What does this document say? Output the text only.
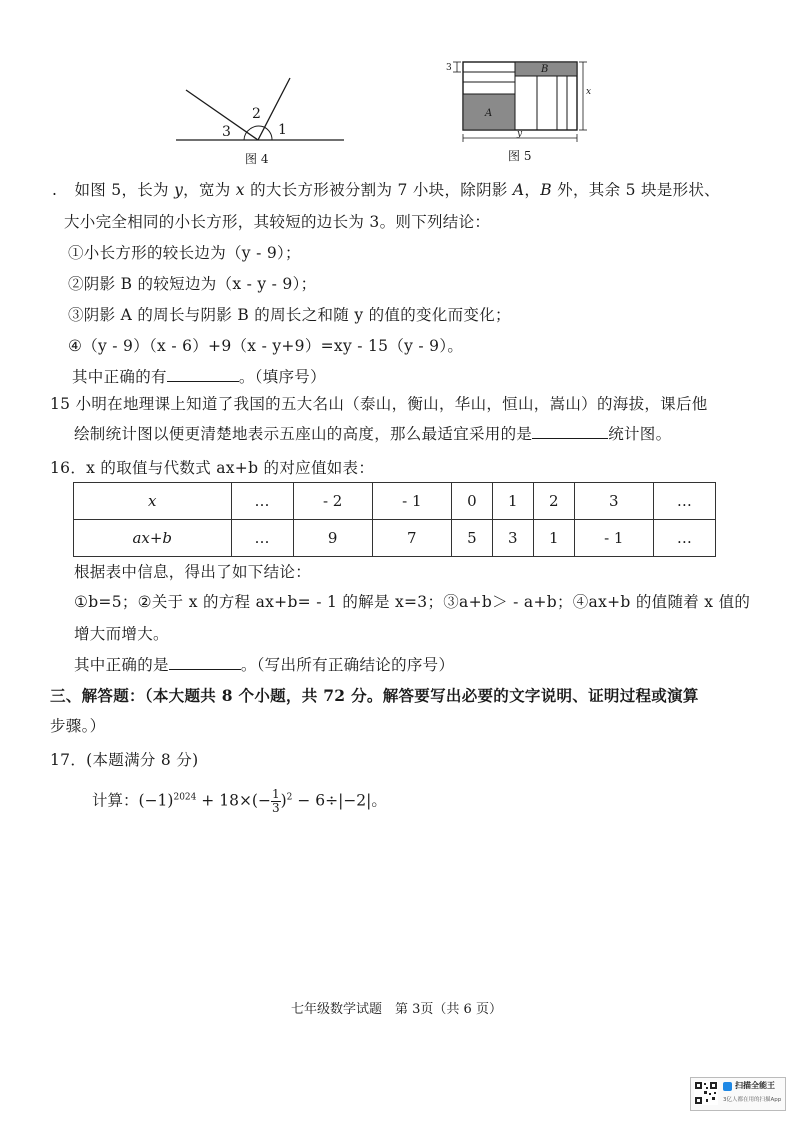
3
2
1
图 4
A
B
3
x
y
图 5
. 如图 5，长为 y，宽为 x 的大长方形被分割为 7 小块，除阴影 A，B 外，其余 5 块是形状、
大小完全相同的小长方形，其较短的边长为 3。则下列结论：
①小长方形的较长边为（y - 9）；
②阴影 B 的较短边为（x - y - 9）；
③阴影 A 的周长与阴影 B 的周长之和随 y 的值的变化而变化；
④（y - 9）（x - 6）+9（x - y+9）=xy - 15（y - 9）。
其中正确的有	。（填序号）
15 小明在地理课上知道了我国的五大名山（泰山，衡山，华山，恒山，嵩山）的海拔，课后他
绘制统计图以便更清楚地表示五座山的高度，那么最适宜采用的是	统计图。
16．x 的取值与代数式 ax+b 的对应值如表：
x	…	- 2	- 1	0	1	2	3	…
ax+b	…	9	7	5	3	1	- 1	…
根据表中信息，得出了如下结论：
①b=5；②关于 x 的方程 ax+b= - 1 的解是 x=3；③a+b＞ - a+b；④ax+b 的值随着 x 值的
增大而增大。
其中正确的是	。（写出所有正确结论的序号）
三、解答题：（本大题共 8 个小题，共 72 分。解答要写出必要的文字说明、证明过程或演算
步骤。）
17．(本题满分 8 分)
计算：$(-1)^{2024} + 18\times(- \frac{1}{3} )^2 - 6\div|-2|$。
七年级数学试题　第 3页（共 6 页）
扫描全能王
3亿人都在用的扫描App
